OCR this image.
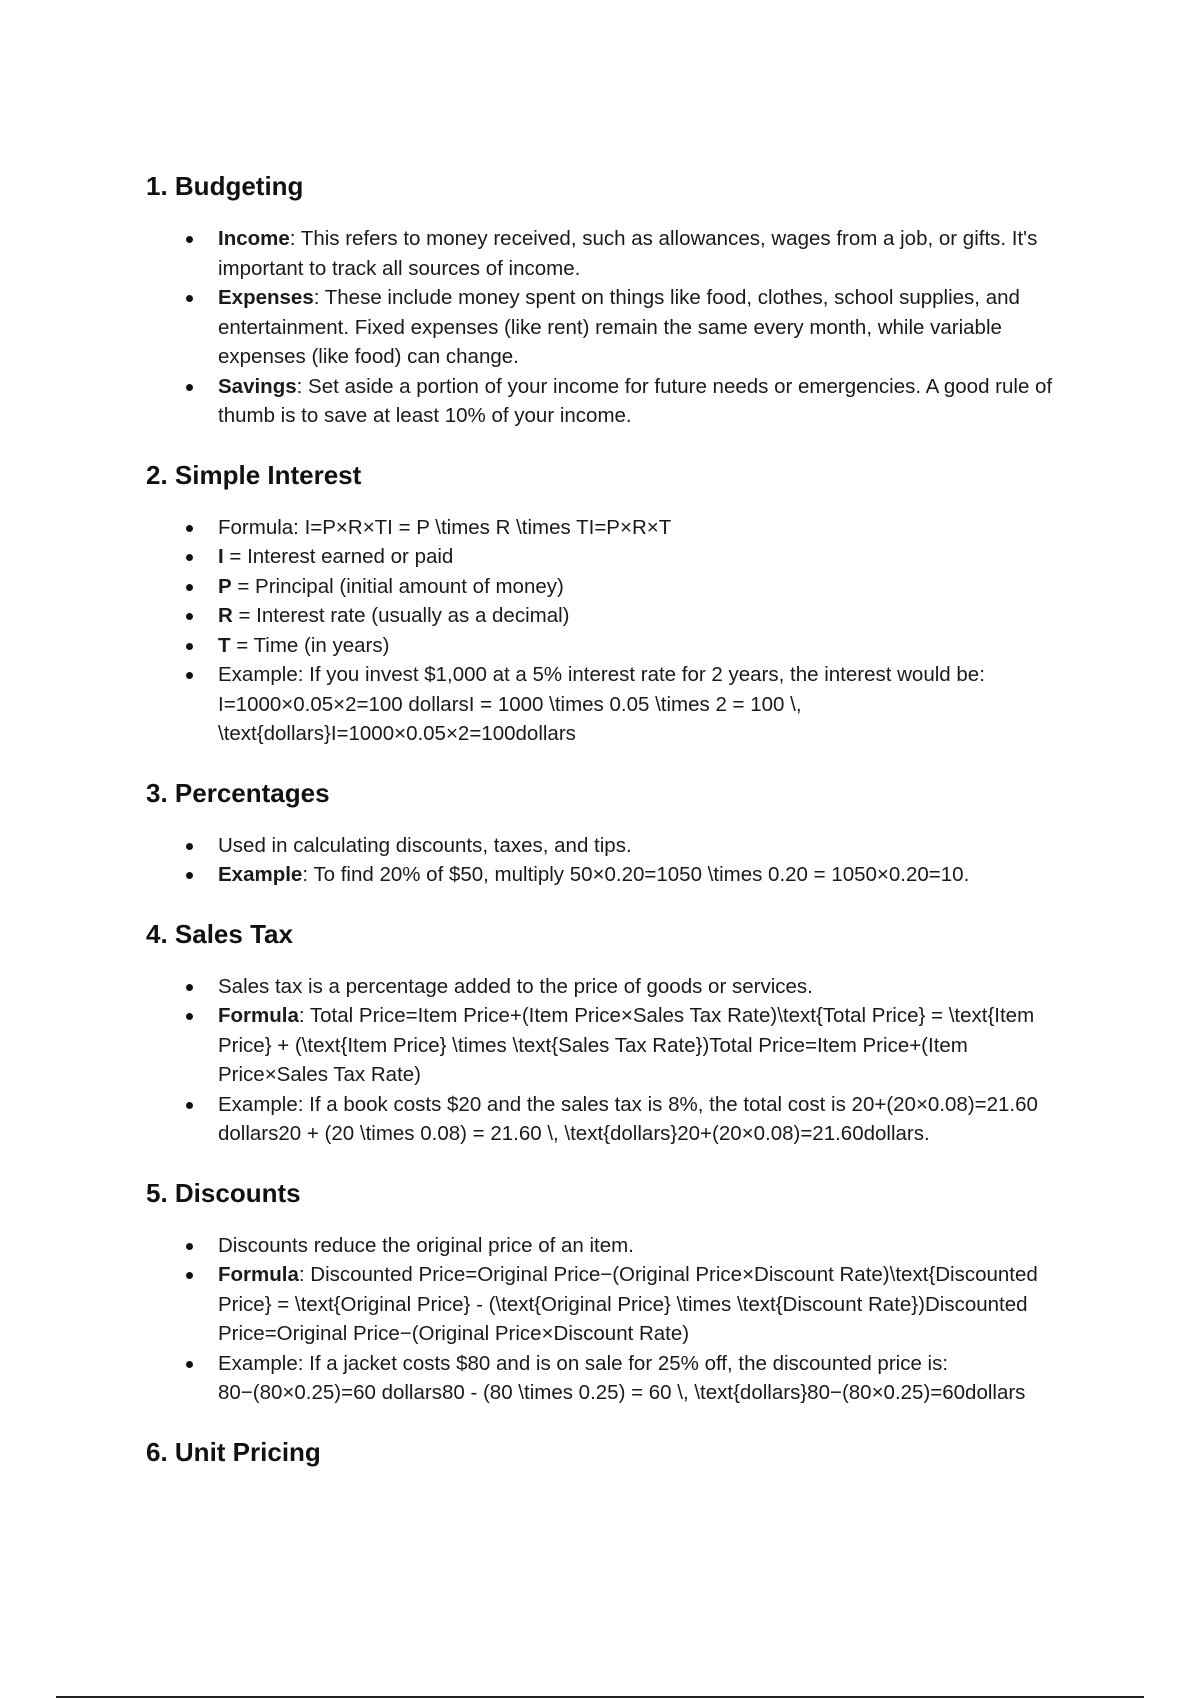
1. Budgeting
Income: This refers to money received, such as allowances, wages from a job, or gifts. It's important to track all sources of income.
Expenses: These include money spent on things like food, clothes, school supplies, and entertainment. Fixed expenses (like rent) remain the same every month, while variable expenses (like food) can change.
Savings: Set aside a portion of your income for future needs or emergencies. A good rule of thumb is to save at least 10% of your income.
2. Simple Interest
Formula: I=P×R×TI = P \times R \times TI=P×R×T
I = Interest earned or paid
P = Principal (initial amount of money)
R = Interest rate (usually as a decimal)
T = Time (in years)
Example: If you invest $1,000 at a 5% interest rate for 2 years, the interest would be: I=1000×0.05×2=100 dollarsI = 1000 \times 0.05 \times 2 = 100 \, \text{dollars}I=1000×0.05×2=100dollars
3. Percentages
Used in calculating discounts, taxes, and tips.
Example: To find 20% of $50, multiply 50×0.20=1050 \times 0.20 = 1050×0.20=10.
4. Sales Tax
Sales tax is a percentage added to the price of goods or services.
Formula: Total Price=Item Price+(Item Price×Sales Tax Rate)\text{Total Price} = \text{Item Price} + (\text{Item Price} \times \text{Sales Tax Rate})Total Price=Item Price+(Item Price×Sales Tax Rate)
Example: If a book costs $20 and the sales tax is 8%, the total cost is 20+(20×0.08)=21.60 dollars20 + (20 \times 0.08) = 21.60 \, \text{dollars}20+(20×0.08)=21.60dollars.
5. Discounts
Discounts reduce the original price of an item.
Formula: Discounted Price=Original Price−(Original Price×Discount Rate)\text{Discounted Price} = \text{Original Price} - (\text{Original Price} \times \text{Discount Rate})Discounted Price=Original Price−(Original Price×Discount Rate)
Example: If a jacket costs $80 and is on sale for 25% off, the discounted price is: 80−(80×0.25)=60 dollars80 - (80 \times 0.25) = 60 \, \text{dollars}80−(80×0.25)=60dollars
6. Unit Pricing
